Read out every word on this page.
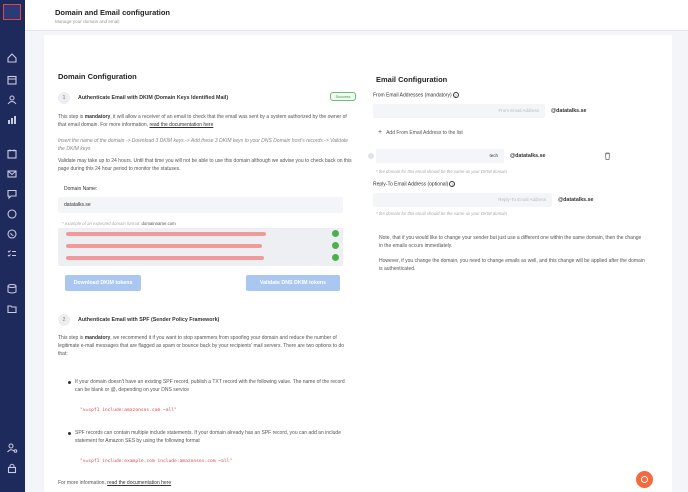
Domain and Email configuration
Manage your domain and email
Domain Configuration
1	Authenticate Email with DKIM (Domain Keys Identified Mail)	Success
This step is mandatory, it will allow a receiver of an email to check that the email was sent by a system authorized by the owner of that email domain. For more information, read the documentation here
Insert the name of the domain -> Download 3 DKIM keys -> Add these 3 DKIM keys to your DNS Domain host's records -> Validate the DKIM keys
Validate may take up to 24 hours. Until that time you will not be able to use this domain although we advise you to check back on this page during this 24 hour period to monitor the statuses.
Domain Name:
datatalks.se
* example of an expected domain format: domainname.com
Download DKIM tokens	Validate DNS DKIM tokens
2	Authenticate Email with SPF (Sender Policy Framework)
This step is mandatory, we recommend it if you want to stop spammers from spoofing your domain and reduce the number of legitimate e-mail messages that are flagged as spam or bounce back by your recipients' mail servers. There are two options to do that:
If your domain doesn't have an existing SPF record, publish a TXT record with the following value. The name of the record can be blank or @, depending on your DNS service
"v=spf1 include:amazonses.com ~all"
SPF records can contain multiple include statements. If your domain already has an SPF record, you can add an include statement for Amazon SES by using the following format
"v=spf1 include:example.com include:amazonses.com ~all"
For more information, read the documentation here
Email Configuration
From Email Addresses (mandatory) ?
From Email Address	@datatalks.se
+ Add From Email Address to the list
tech	@datatalks.se
* the domain for this email should be the same as your DKIM domain
Reply-To Email Address (optional) ?
Reply-To Email Address	@datatalks.se
* the domain for this email should be the same as your DKIM domain
Note, that if you would like to change your sender but just use a different one within the same domain, then the change in the emails occurs immediately.
However, if you change the domain, you need to change emails as well, and this change will be applied after the domain is authenticated.
